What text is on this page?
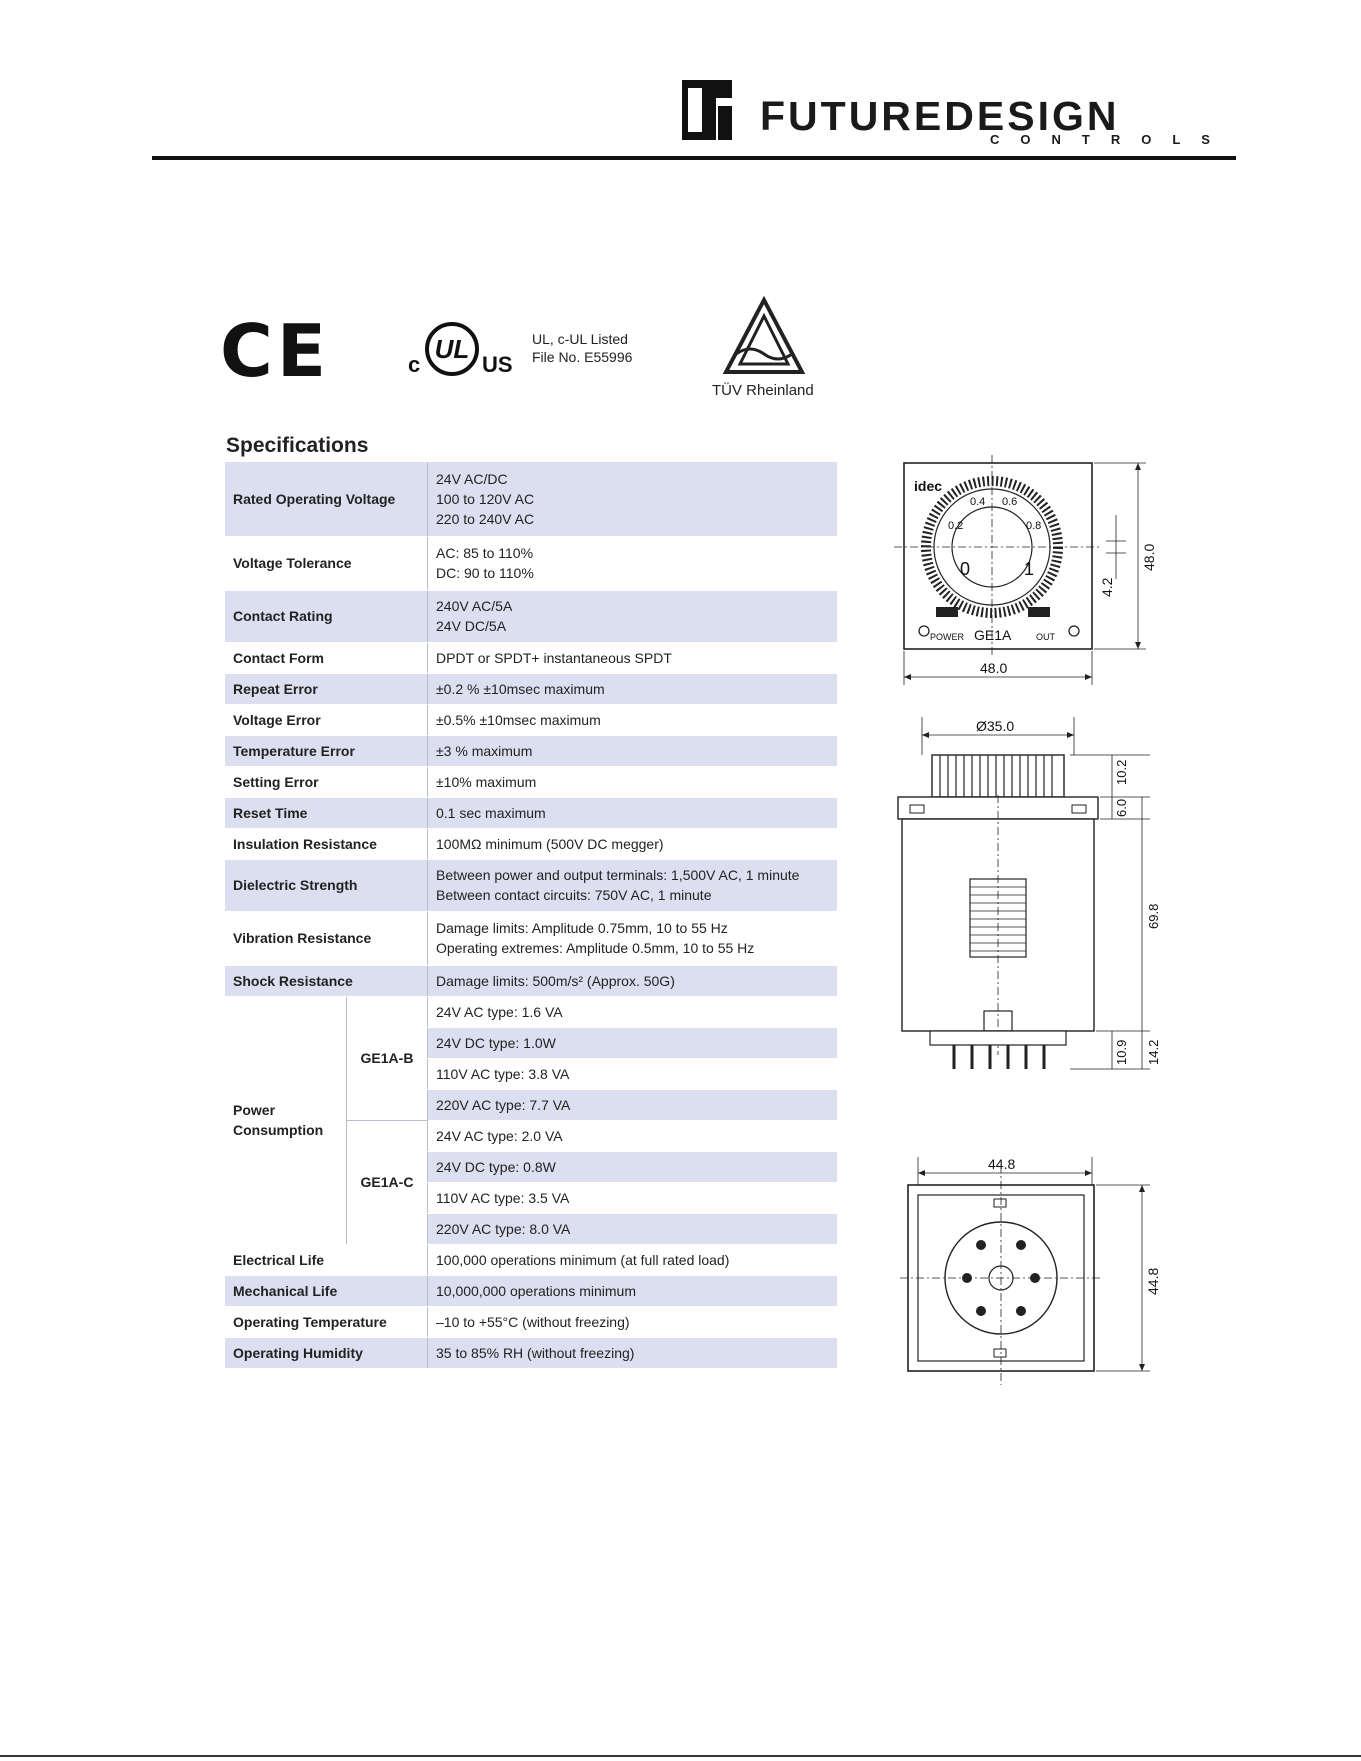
FUTUREDESIGN
CONTROLS
CE	c
UL
US
UL, c-UL Listed
File No. E55996
TÜV Rheinland
Specifications
Rated Operating Voltage		24V AC/DC
100 to 120V AC
220 to 240V AC

Voltage Tolerance		AC: 85 to 110%
DC: 90 to 110%

Contact Rating		240V AC/5A
24V DC/5A

Contact Form		DPDT or SPDT+ instantaneous SPDT
Repeat Error		±0.2 % ±10msec maximum
Voltage Error		±0.5% ±10msec maximum
Temperature Error		±3 % maximum
Setting Error		±10% maximum
Reset Time		0.1 sec maximum
Insulation Resistance		100MΩ minimum (500V DC megger)
Dielectric Strength		Between power and output terminals: 1,500V AC, 1 minute
Between contact circuits: 750V AC, 1 minute

Vibration Resistance		Damage limits: Amplitude 0.75mm, 10 to 55 Hz
Operating extremes: Amplitude 0.5mm, 10 to 55 Hz

Shock Resistance		Damage limits: 500m/s² (Approx. 50G)

Power
Consumption	GE1A-B	24V AC type: 1.6 VA
		24V DC type: 1.0W
		110V AC type: 3.8 VA
		220V AC type: 7.7 VA
	GE1A-C	24V AC type: 2.0 VA
		24V DC type: 0.8W
		110V AC type: 3.5 VA
		220V AC type: 8.0 VA
Electrical Life		100,000 operations minimum (at full rated load)
Mechanical Life		10,000,000 operations minimum
Operating Temperature		–10 to +55°C (without freezing)
Operating Humidity		35 to 85% RH (without freezing)
idec
0.4 0.6
0.2	0.8
0	1
POWER GE1A	OUT
48.0
48.0
4.2
Ø35.0
10.2
6.0
69.8
10.9 14.2
44.8
44.8
